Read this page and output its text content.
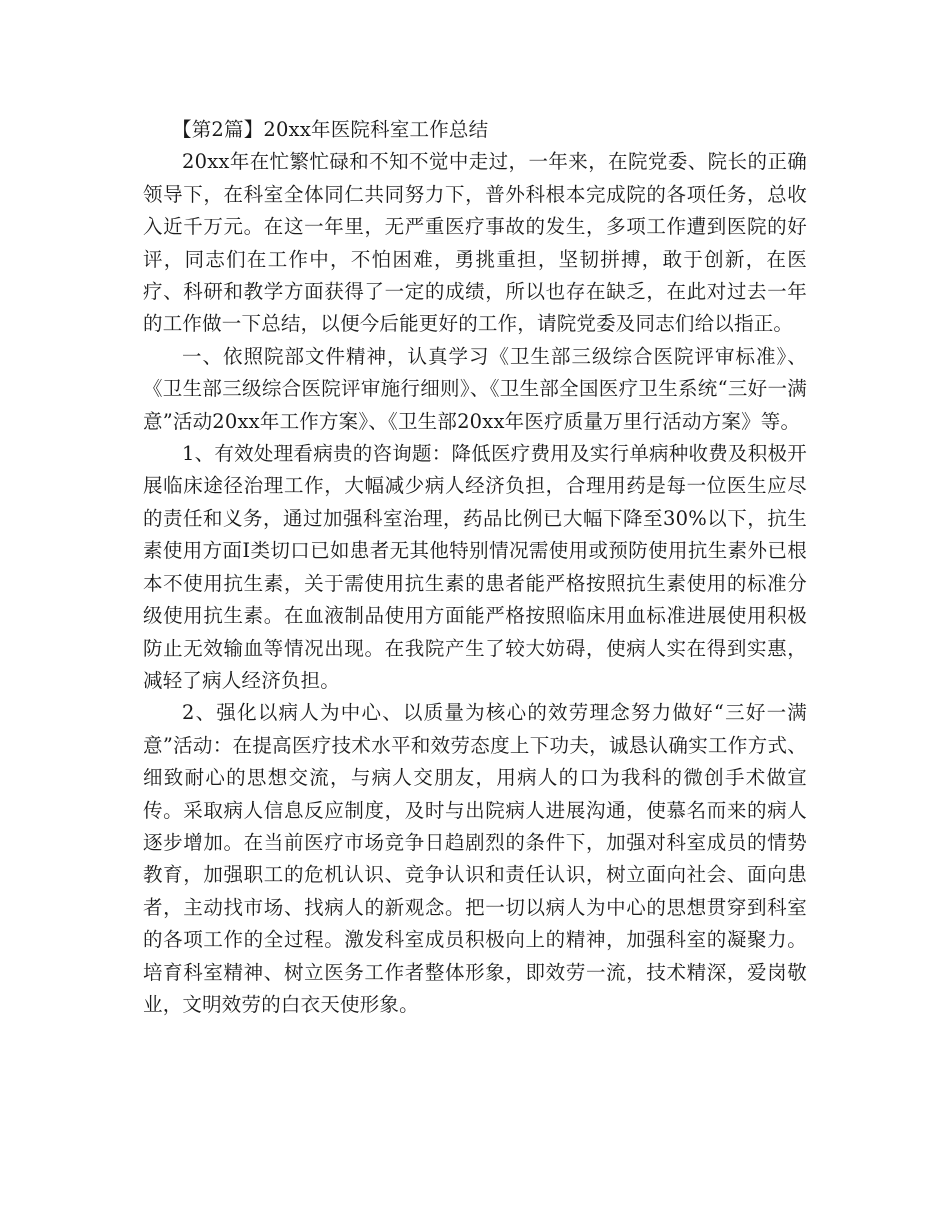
【第2篇】20xx年医院科室工作总结

20xx年在忙繁忙碌和不知不觉中走过，一年来，在院党委、院长的正确领导下，在科室全体同仁共同努力下，普外科根本完成院的各项任务，总收入近千万元。在这一年里，无严重医疗事故的发生，多项工作遭到医院的好评，同志们在工作中，不怕困难，勇挑重担，坚韧拼搏，敢于创新，在医疗、科研和教学方面获得了一定的成绩，所以也存在缺乏，在此对过去一年的工作做一下总结，以便今后能更好的工作，请院党委及同志们给以指正。

一、依照院部文件精神，认真学习《卫生部三级综合医院评审标准》、《卫生部三级综合医院评审施行细则》、《卫生部全国医疗卫生系统“三好一满意”活动20xx年工作方案》、《卫生部20xx年医疗质量万里行活动方案》等。

1、有效处理看病贵的咨询题：降低医疗费用及实行单病种收费及积极开展临床途径治理工作，大幅减少病人经济负担，合理用药是每一位医生应尽的责任和义务，通过加强科室治理，药品比例已大幅下降至30%以下，抗生素使用方面Ⅰ类切口已如患者无其他特别情况需使用或预防使用抗生素外已根本不使用抗生素，关于需使用抗生素的患者能严格按照抗生素使用的标准分级使用抗生素。在血液制品使用方面能严格按照临床用血标准进展使用积极防止无效输血等情况出现。在我院产生了较大妨碍，使病人实在得到实惠，减轻了病人经济负担。

2、强化以病人为中心、以质量为核心的效劳理念努力做好“三好一满意”活动：在提高医疗技术水平和效劳态度上下功夫，诚恳认确实工作方式、细致耐心的思想交流，与病人交朋友，用病人的口为我科的微创手术做宣传。采取病人信息反应制度，及时与出院病人进展沟通，使慕名而来的病人逐步增加。在当前医疗市场竞争日趋剧烈的条件下，加强对科室成员的情势教育，加强职工的危机认识、竞争认识和责任认识，树立面向社会、面向患者，主动找市场、找病人的新观念。把一切以病人为中心的思想贯穿到科室的各项工作的全过程。激发科室成员积极向上的精神，加强科室的凝聚力。培育科室精神、树立医务工作者整体形象，即效劳一流，技术精深，爱岗敬业，文明效劳的白衣天使形象。
